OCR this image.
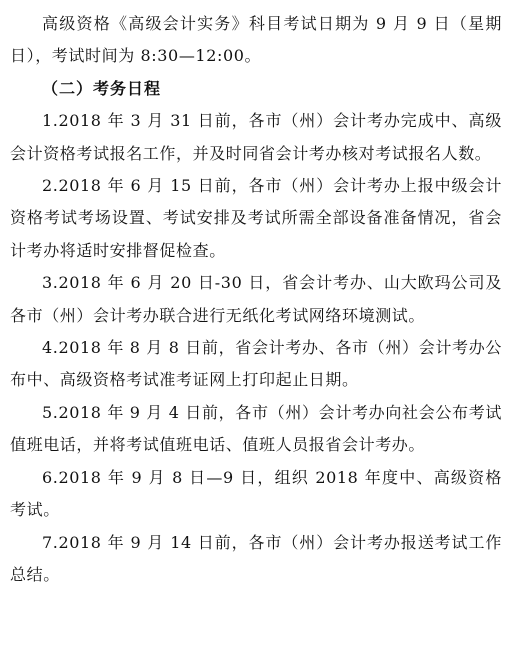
高级资格《高级会计实务》科目考试日期为 9 月 9 日（星期日），考试时间为 8:30—12:00。

（二）考务日程

1.2018 年 3 月 31 日前，各市（州）会计考办完成中、高级会计资格考试报名工作，并及时同省会计考办核对考试报名人数。

2.2018 年 6 月 15 日前，各市（州）会计考办上报中级会计资格考试考场设置、考试安排及考试所需全部设备准备情况，省会计考办将适时安排督促检查。

3.2018 年 6 月 20 日-30 日，省会计考办、山大欧玛公司及各市（州）会计考办联合进行无纸化考试网络环境测试。

4.2018 年 8 月 8 日前，省会计考办、各市（州）会计考办公布中、高级资格考试准考证网上打印起止日期。

5.2018 年 9 月 4 日前，各市（州）会计考办向社会公布考试值班电话，并将考试值班电话、值班人员报省会计考办。

6.2018 年 9 月 8 日—9 日，组织 2018 年度中、高级资格考试。

7.2018 年 9 月 14 日前，各市（州）会计考办报送考试工作总结。
